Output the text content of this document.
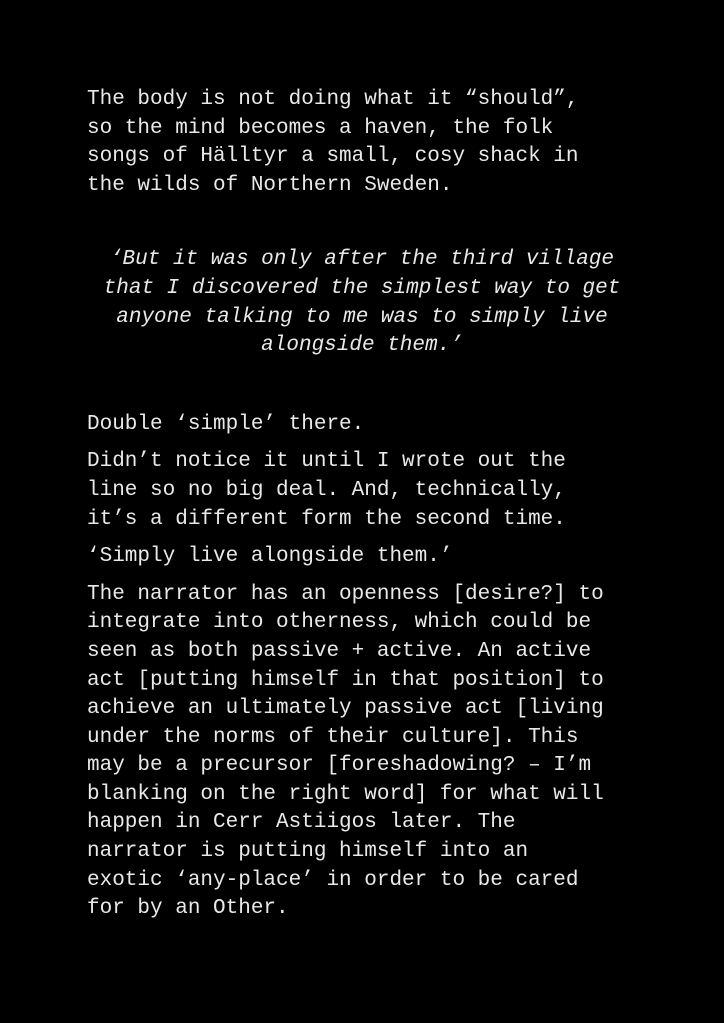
The body is not doing what it “should”,
so the mind becomes a haven, the folk
songs of Hälltyr a small, cosy shack in
the wilds of Northern Sweden.
‘But it was only after the third village
that I discovered the simplest way to get
anyone talking to me was to simply live
alongside them.’
Double ‘simple’ there.
Didn’t notice it until I wrote out the
line so no big deal. And, technically,
it’s a different form the second time.
‘Simply live alongside them.’
The narrator has an openness [desire?] to
integrate into otherness, which could be
seen as both passive + active. An active
act [putting himself in that position] to
achieve an ultimately passive act [living
under the norms of their culture]. This
may be a precursor [foreshadowing? – I’m
blanking on the right word] for what will
happen in Cerr Astiigos later. The
narrator is putting himself into an
exotic ‘any-place’ in order to be cared
for by an Other.
